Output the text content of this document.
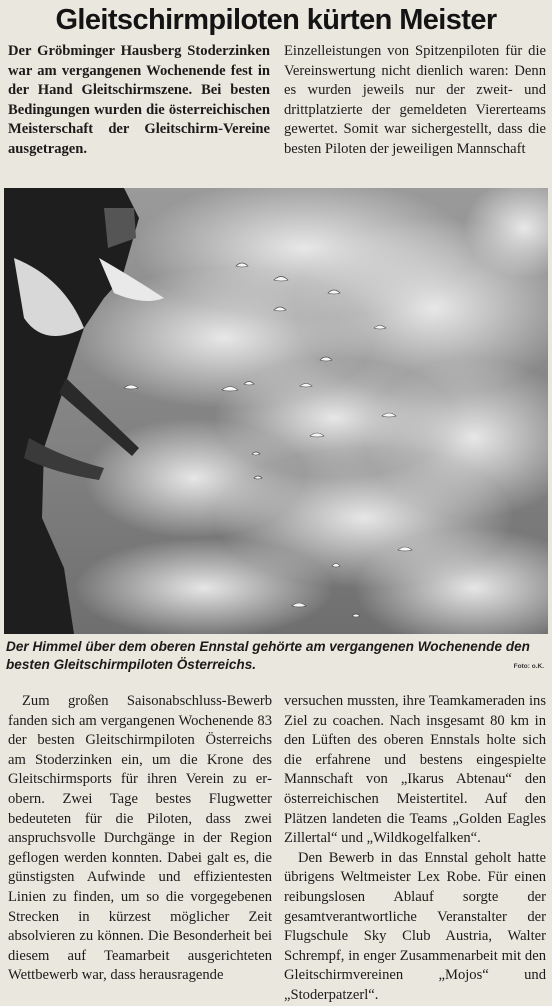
Gleitschirmpiloten kürten Meister

Der Gröbminger Hausberg Stoderzinken war am vergangenen Wochenende fest in der Hand Gleitschirmszene. Bei besten Bedingungen wurden die österreichischen Meisterschaft der Gleitschirm-Vereine ausgetragen.

Einzelleistungen von Spitzenpiloten für die Vereinswertung nicht dienlich waren: Denn es wurden jeweils nur der zweit- und drittplatzierte der gemeldeten Viererteams gewertet. Somit war sichergestellt, dass die besten Piloten der jeweiligen Mannschaft

Der Himmel über dem oberen Ennstal gehörte am vergangenen Wochenende den besten Gleitschirmpiloten Österreichs.	Foto: o.K.

Zum großen Saisonabschluss-Bewerb fanden sich am vergangenen Wochenende 83 der besten Gleitschirmpiloten Österreichs am Stoderzinken ein, um die Krone des Gleitschirmsports für ihren Verein zu erobern. Zwei Tage bestes Flugwetter bedeuteten für die Piloten, dass zwei anspruchsvolle Durchgänge in der Region geflogen werden konnten. Dabei galt es, die günstigsten Aufwinde und effizientesten Linien zu finden, um so die vorgegebenen Strecken in kürzest möglicher Zeit absolvieren zu können. Die Besonderheit bei diesem auf Teamarbeit ausgerichteten Wettbewerb war, dass herausragende

versuchen mussten, ihre Teamkameraden ins Ziel zu coachen. Nach insgesamt 80 km in den Lüften des oberen Ennstals holte sich die erfahrene und bestens eingespielte Mannschaft von „Ikarus Abtenau“ den österreichischen Meistertitel. Auf den Plätzen landeten die Teams „Golden Eagles Zillertal“ und „Wildkogelfalken“.

Den Bewerb in das Ennstal geholt hatte übrigens Weltmeister Lex Robe. Für einen reibungslosen Ablauf sorgte der gesamtverantwortliche Veranstalter der Flugschule Sky Club Austria, Walter Schrempf, in enger Zusammenarbeit mit den Gleitschirmvereinen „Mojos“ und „Stoderpatzerl“.
